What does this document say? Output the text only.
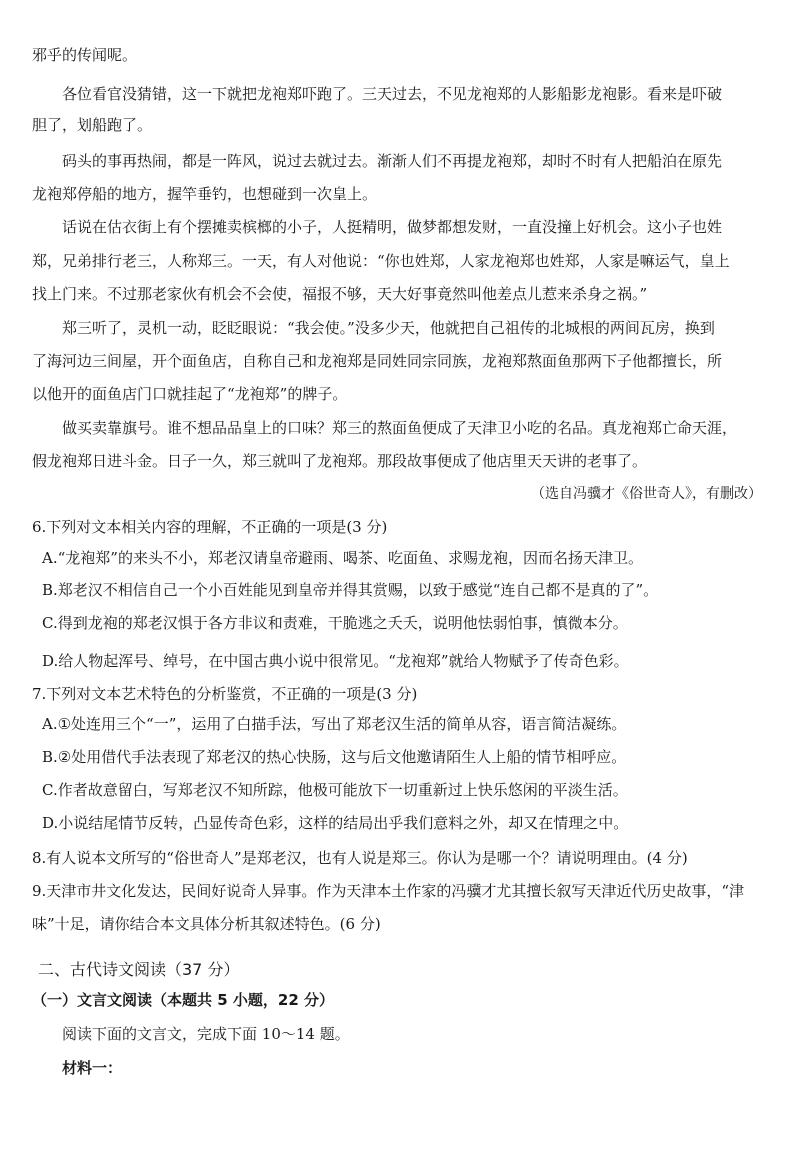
邪乎的传闻呢。
各位看官没猜错，这一下就把龙袍郑吓跑了。三天过去，不见龙袍郑的人影船影龙袍影。看来是吓破
胆了，划船跑了。
码头的事再热闹，都是一阵风，说过去就过去。渐渐人们不再提龙袍郑，却时不时有人把船泊在原先
龙袍郑停船的地方，握竿垂钓，也想碰到一次皇上。
话说在估衣街上有个摆摊卖槟榔的小子，人挺精明，做梦都想发财，一直没撞上好机会。这小子也姓
郑，兄弟排行老三，人称郑三。一天，有人对他说：“你也姓郑，人家龙袍郑也姓郑，人家是嘛运气，皇上
找上门来。不过那老家伙有机会不会使，福报不够，天大好事竟然叫他差点儿惹来杀身之祸。”
郑三听了，灵机一动，眨眨眼说：“我会使。”没多少天，他就把自己祖传的北城根的两间瓦房，换到
了海河边三间屋，开个面鱼店，自称自己和龙袍郑是同姓同宗同族，龙袍郑熬面鱼那两下子他都擅长，所
以他开的面鱼店门口就挂起了“龙袍郑”的牌子。
做买卖靠旗号。谁不想品品皇上的口味？郑三的熬面鱼便成了天津卫小吃的名品。真龙袍郑亡命天涯，
假龙袍郑日进斗金。日子一久，郑三就叫了龙袍郑。那段故事便成了他店里天天讲的老事了。
（选自冯骥才《俗世奇人》，有删改）
6.下列对文本相关内容的理解，不正确的一项是(3 分)
A.“龙袍郑”的来头不小，郑老汉请皇帝避雨、喝茶、吃面鱼、求赐龙袍，因而名扬天津卫。
B.郑老汉不相信自己一个小百姓能见到皇帝并得其赏赐，以致于感觉“连自己都不是真的了”。
C.得到龙袍的郑老汉惧于各方非议和责难，干脆逃之夭夭，说明他怯弱怕事，慎微本分。
D.给人物起浑号、绰号，在中国古典小说中很常见。“龙袍郑”就给人物赋予了传奇色彩。
7.下列对文本艺术特色的分析鉴赏，不正确的一项是(3 分)
A.①处连用三个“一”，运用了白描手法，写出了郑老汉生活的简单从容，语言简洁凝练。
B.②处用借代手法表现了郑老汉的热心快肠，这与后文他邀请陌生人上船的情节相呼应。
C.作者故意留白，写郑老汉不知所踪，他极可能放下一切重新过上快乐悠闲的平淡生活。
D.小说结尾情节反转，凸显传奇色彩，这样的结局出乎我们意料之外，却又在情理之中。
8.有人说本文所写的“俗世奇人”是郑老汉，也有人说是郑三。你认为是哪一个？请说明理由。(4 分)
9.天津市井文化发达，民间好说奇人异事。作为天津本土作家的冯骥才尤其擅长叙写天津近代历史故事，“津
味”十足，请你结合本文具体分析其叙述特色。(6 分)
二、古代诗文阅读（37 分）
（一）文言文阅读（本题共 5 小题，22 分）
阅读下面的文言文，完成下面 10～14 题。
材料一：
